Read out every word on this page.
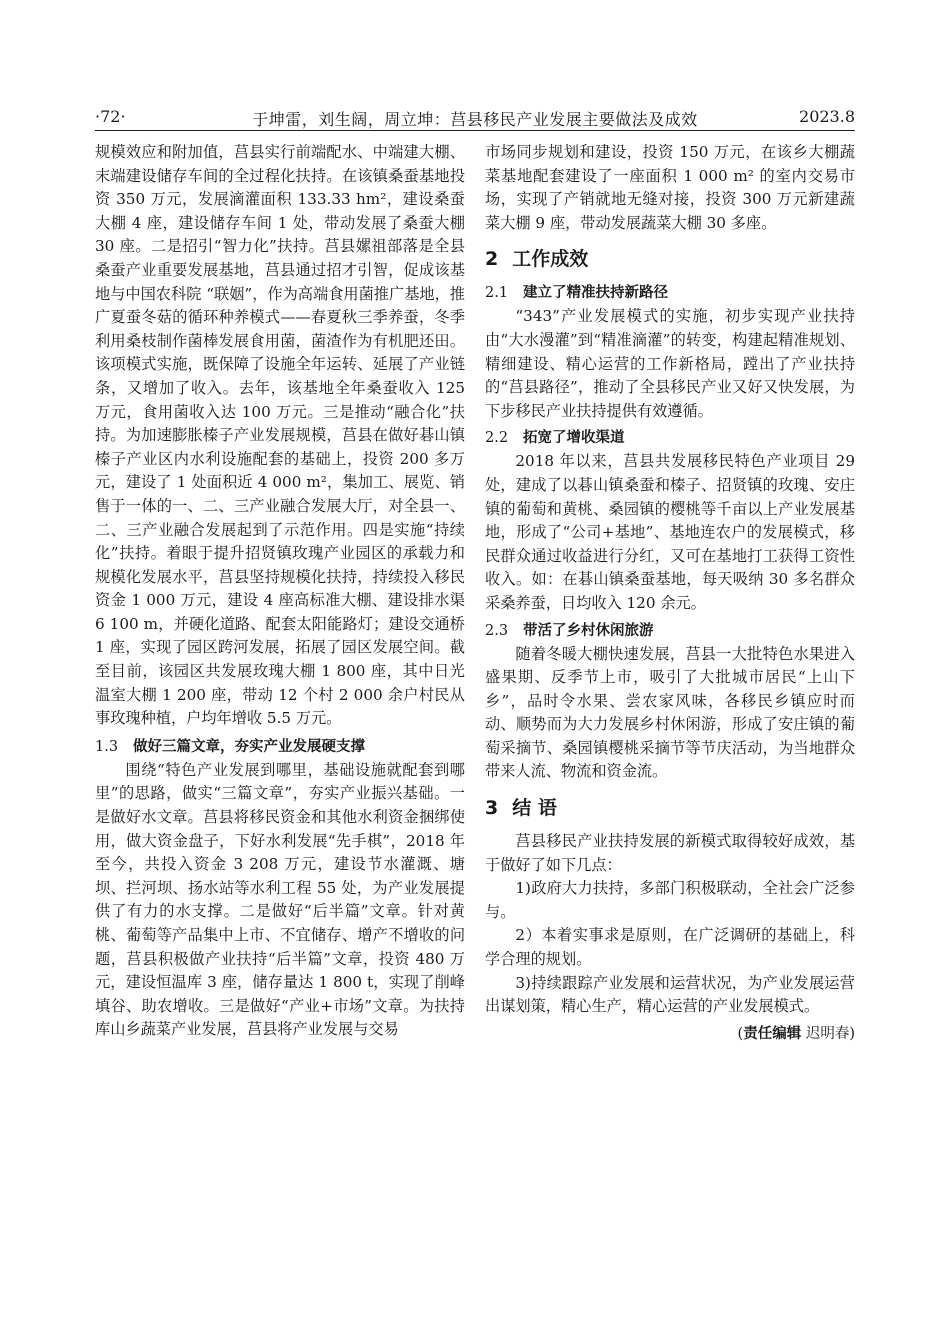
·72·	于坤雷，刘生阔，周立坤：莒县移民产业发展主要做法及成效	2023.8

规模效应和附加值，莒县实行前端配水、中端建大棚、末端建设储存车间的全过程化扶持。在该镇桑蚕基地投资 350 万元，发展滴灌面积 133.33 hm²，建设桑蚕大棚 4 座，建设储存车间 1 处，带动发展了桑蚕大棚 30 座。二是招引“智力化”扶持。莒县嫘祖部落是全县桑蚕产业重要发展基地，莒县通过招才引智，促成该基地与中国农科院 “联姻”，作为高端食用菌推广基地，推广夏蚕冬菇的循环种养模式——春夏秋三季养蚕，冬季利用桑枝制作菌棒发展食用菌，菌渣作为有机肥还田。该项模式实施，既保障了设施全年运转、延展了产业链条，又增加了收入。去年，该基地全年桑蚕收入 125 万元，食用菌收入达 100 万元。三是推动“融合化”扶持。为加速膨胀榛子产业发展规模，莒县在做好碁山镇榛子产业区内水利设施配套的基础上，投资 200 多万元，建设了 1 处面积近 4 000 m²，集加工、展览、销售于一体的一、二、三产业融合发展大厅，对全县一、二、三产业融合发展起到了示范作用。四是实施“持续化”扶持。着眼于提升招贤镇玫瑰产业园区的承载力和规模化发展水平，莒县坚持规模化扶持，持续投入移民资金 1 000 万元，建设 4 座高标准大棚、建设排水渠 6 100 m，并硬化道路、配套太阳能路灯；建设交通桥 1 座，实现了园区跨河发展，拓展了园区发展空间。截至目前，该园区共发展玫瑰大棚 1 800 座，其中日光温室大棚 1 200 座，带动 12 个村 2 000 余户村民从事玫瑰种植，户均年增收 5.5 万元。

1.3 做好三篇文章，夯实产业发展硬支撑

围绕“特色产业发展到哪里，基础设施就配套到哪里”的思路，做实“三篇文章”，夯实产业振兴基础。一是做好水文章。莒县将移民资金和其他水利资金捆绑使用，做大资金盘子，下好水利发展“先手棋”，2018 年至今，共投入资金 3 208 万元，建设节水灌溉、塘坝、拦河坝、扬水站等水利工程 55 处，为产业发展提供了有力的水支撑。二是做好“后半篇”文章。针对黄桃、葡萄等产品集中上市、不宜储存、增产不增收的问题，莒县积极做产业扶持“后半篇”文章，投资 480 万元，建设恒温库 3 座，储存量达 1 800 t，实现了削峰填谷、助农增收。三是做好“产业+市场”文章。为扶持库山乡蔬菜产业发展，莒县将产业发展与交易

市场同步规划和建设，投资 150 万元，在该乡大棚蔬菜基地配套建设了一座面积 1 000 m² 的室内交易市场，实现了产销就地无缝对接，投资 300 万元新建蔬菜大棚 9 座，带动发展蔬菜大棚 30 多座。

2 工作成效
2.1 建立了精准扶持新路径

“343”产业发展模式的实施，初步实现产业扶持由“大水漫灌”到“精准滴灌”的转变，构建起精准规划、精细建设、精心运营的工作新格局，蹚出了产业扶持的“莒县路径”，推动了全县移民产业又好又快发展，为下步移民产业扶持提供有效遵循。

2.2 拓宽了增收渠道

2018 年以来，莒县共发展移民特色产业项目 29 处，建成了以碁山镇桑蚕和榛子、招贤镇的玫瑰、安庄镇的葡萄和黄桃、桑园镇的樱桃等千亩以上产业发展基地，形成了“公司+基地”、基地连农户的发展模式，移民群众通过收益进行分红，又可在基地打工获得工资性收入。如：在碁山镇桑蚕基地，每天吸纳 30 多名群众采桑养蚕，日均收入 120 余元。

2.3 带活了乡村休闲旅游

随着冬暖大棚快速发展，莒县一大批特色水果进入盛果期、反季节上市，吸引了大批城市居民“上山下乡”，品时令水果、尝农家风味，各移民乡镇应时而动、顺势而为大力发展乡村休闲游，形成了安庄镇的葡萄采摘节、桑园镇樱桃采摘节等节庆活动，为当地群众带来人流、物流和资金流。

3 结 语

莒县移民产业扶持发展的新模式取得较好成效，基于做好了如下几点：

1)政府大力扶持，多部门积极联动，全社会广泛参与。

2）本着实事求是原则，在广泛调研的基础上，科学合理的规划。

3)持续跟踪产业发展和运营状况，为产业发展运营出谋划策，精心生产，精心运营的产业发展模式。

(责任编辑 迟明春)
